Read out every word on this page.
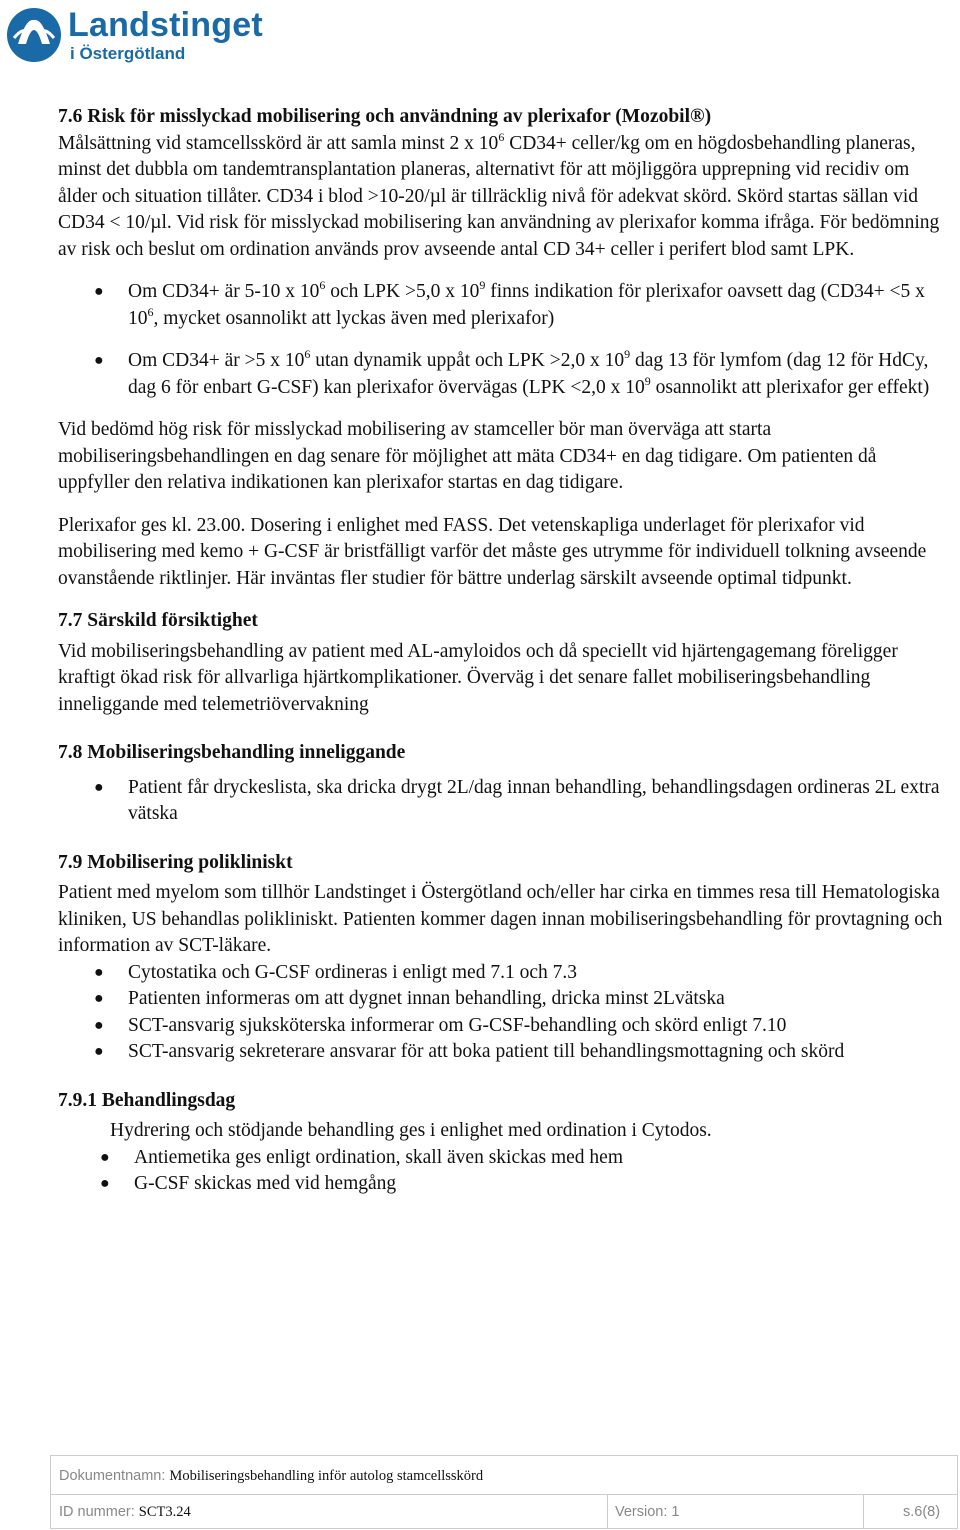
Landstinget
i Östergötland
7.6 Risk för misslyckad mobilisering och användning av plerixafor (Mozobil®)

Målsättning vid stamcellsskörd är att samla minst 2 x $10^6$ CD34+ celler/kg om en högdosbehandling planeras, minst det dubbla om tandemtransplantation planeras, alternativt för att möjliggöra upprepning vid recidiv om ålder och situation tillåter. CD34 i blod >10-20/µl är tillräcklig nivå för adekvat skörd. Skörd startas sällan vid CD34 < 10/µl. Vid risk för misslyckad mobilisering kan användning av plerixafor komma ifråga. För bedömning av risk och beslut om ordination används prov avseende antal CD 34+ celler i perifert blod samt LPK.

● Om CD34+ är 5-10 x $10^6$ och LPK >5,0 x $10^9$ finns indikation för plerixafor oavsett dag (CD34+ <5 x $10^6$, mycket osannolikt att lyckas även med plerixafor)
● Om CD34+ är >5 x $10^6$ utan dynamik uppåt och LPK >2,0 x $10^9$ dag 13 för lymfom (dag 12 för HdCy, dag 6 för enbart G-CSF) kan plerixafor övervägas (LPK <2,0 x $10^9$ osannolikt att plerixafor ger effekt)

Vid bedömd hög risk för misslyckad mobilisering av stamceller bör man överväga att starta mobiliseringsbehandlingen en dag senare för möjlighet att mäta CD34+ en dag tidigare. Om patienten då uppfyller den relativa indikationen kan plerixafor startas en dag tidigare.

Plerixafor ges kl. 23.00. Dosering i enlighet med FASS. Det vetenskapliga underlaget för plerixafor vid mobilisering med kemo + G-CSF är bristfälligt varför det måste ges utrymme för individuell tolkning avseende ovanstående riktlinjer. Här inväntas fler studier för bättre underlag särskilt avseende optimal tidpunkt.

7.7 Särskild försiktighet

Vid mobiliseringsbehandling av patient med AL-amyloidos och då speciellt vid hjärtengagemang föreligger kraftigt ökad risk för allvarliga hjärtkomplikationer. Överväg i det senare fallet mobiliseringsbehandling inneliggande med telemetriövervakning

7.8 Mobiliseringsbehandling inneliggande
● Patient får dryckeslista, ska dricka drygt 2L/dag innan behandling, behandlingsdagen ordineras 2L extra vätska
7.9 Mobilisering polikliniskt

Patient med myelom som tillhör Landstinget i Östergötland och/eller har cirka en timmes resa till Hematologiska kliniken, US behandlas polikliniskt. Patienten kommer dagen innan mobiliseringsbehandling för provtagning och information av SCT-läkare.

● Cytostatika och G-CSF ordineras i enligt med 7.1 och 7.3
● Patienten informeras om att dygnet innan behandling, dricka minst 2Lvätska
● SCT-ansvarig sjuksköterska informerar om G-CSF-behandling och skörd enligt 7.10
● SCT-ansvarig sekreterare ansvarar för att boka patient till behandlingsmottagning och skörd
7.9.1 Behandlingsdag

Hydrering och stödjande behandling ges i enlighet med ordination i Cytodos.

● Antiemetika ges enligt ordination, skall även skickas med hem
● G-CSF skickas med vid hemgång
Dokumentnamn: Mobiliseringsbehandling inför autolog stamcellsskörd
ID nummer: SCT3.24	Version: 1	s.6(8)
